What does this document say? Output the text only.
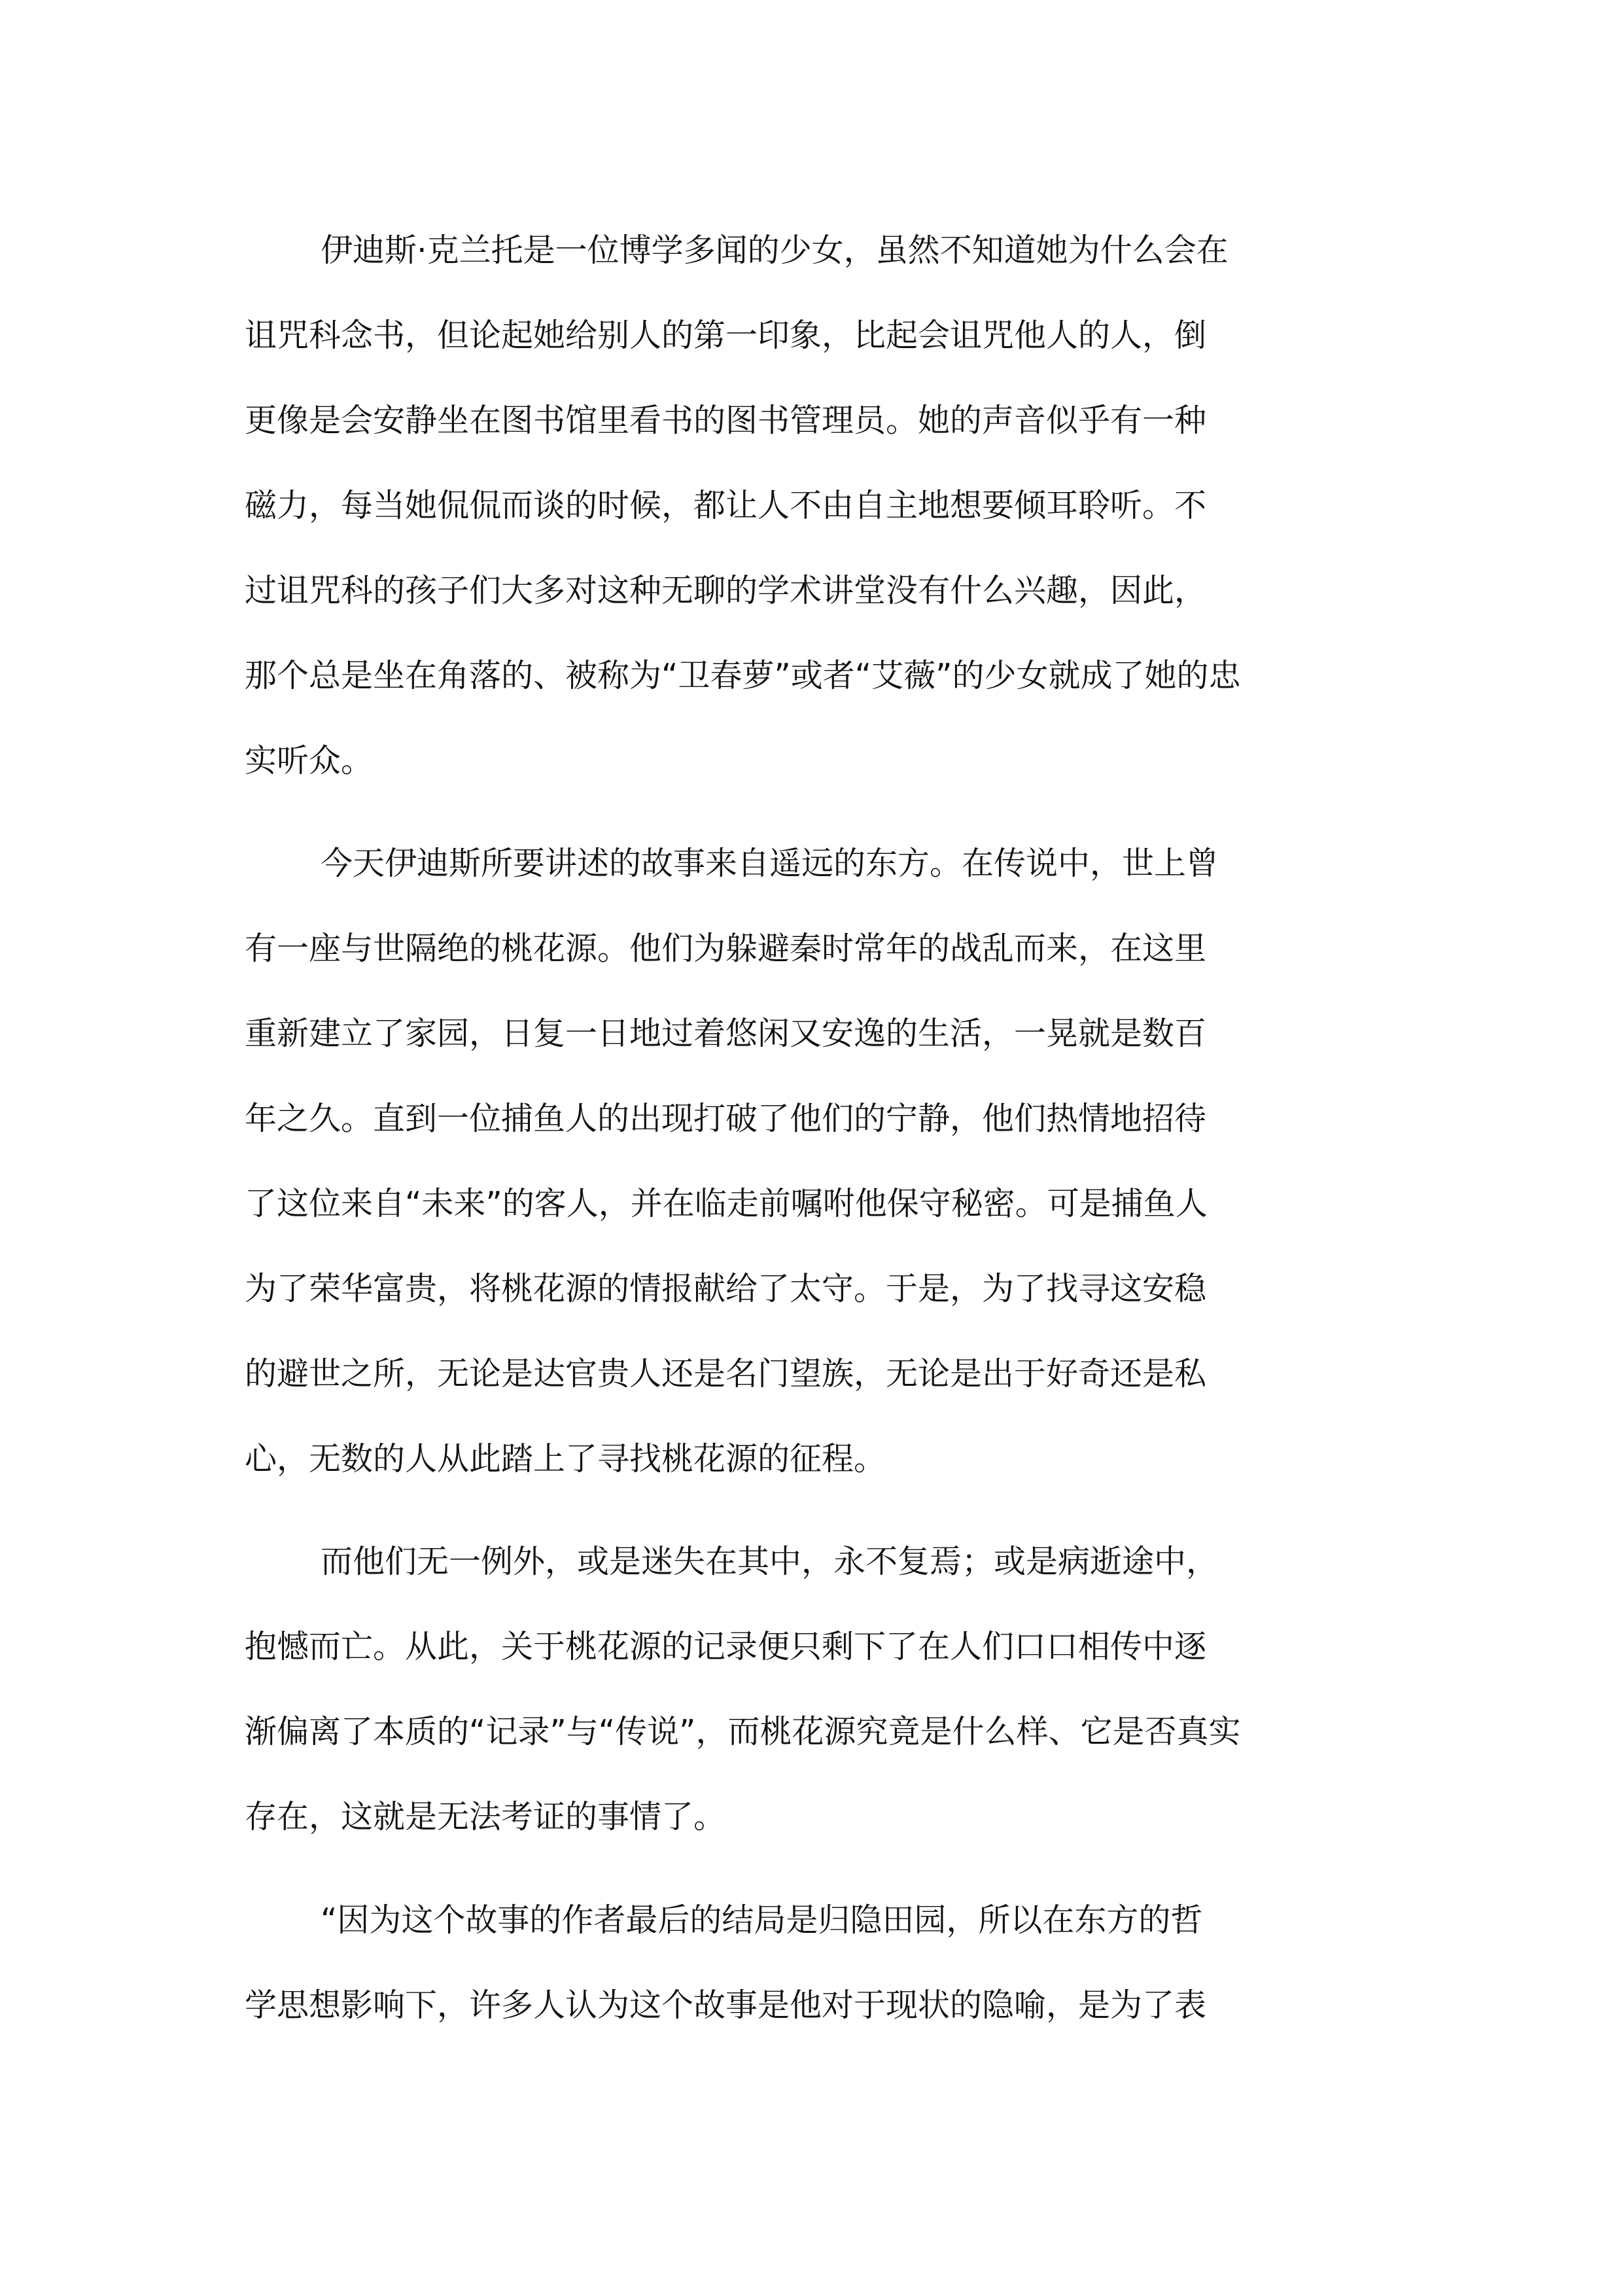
伊迪斯·克兰托是一位博学多闻的少女，虽然不知道她为什么会在
诅咒科念书，但论起她给别人的第一印象，比起会诅咒他人的人，倒
更像是会安静坐在图书馆里看书的图书管理员。她的声音似乎有一种
磁力，每当她侃侃而谈的时候，都让人不由自主地想要倾耳聆听。不
过诅咒科的孩子们大多对这种无聊的学术讲堂没有什么兴趣，因此，
那个总是坐在角落的、被称为“卫春萝”或者“艾薇”的少女就成了她的忠
实听众。
今天伊迪斯所要讲述的故事来自遥远的东方。在传说中，世上曾
有一座与世隔绝的桃花源。他们为躲避秦时常年的战乱而来，在这里
重新建立了家园，日复一日地过着悠闲又安逸的生活，一晃就是数百
年之久。直到一位捕鱼人的出现打破了他们的宁静，他们热情地招待
了这位来自“未来”的客人，并在临走前嘱咐他保守秘密。可是捕鱼人
为了荣华富贵，将桃花源的情报献给了太守。于是，为了找寻这安稳
的避世之所，无论是达官贵人还是名门望族，无论是出于好奇还是私
心，无数的人从此踏上了寻找桃花源的征程。
而他们无一例外，或是迷失在其中，永不复焉；或是病逝途中，
抱憾而亡。从此，关于桃花源的记录便只剩下了在人们口口相传中逐
渐偏离了本质的“记录”与“传说”，而桃花源究竟是什么样、它是否真实
存在，这就是无法考证的事情了。
“因为这个故事的作者最后的结局是归隐田园，所以在东方的哲
学思想影响下，许多人认为这个故事是他对于现状的隐喻，是为了表
